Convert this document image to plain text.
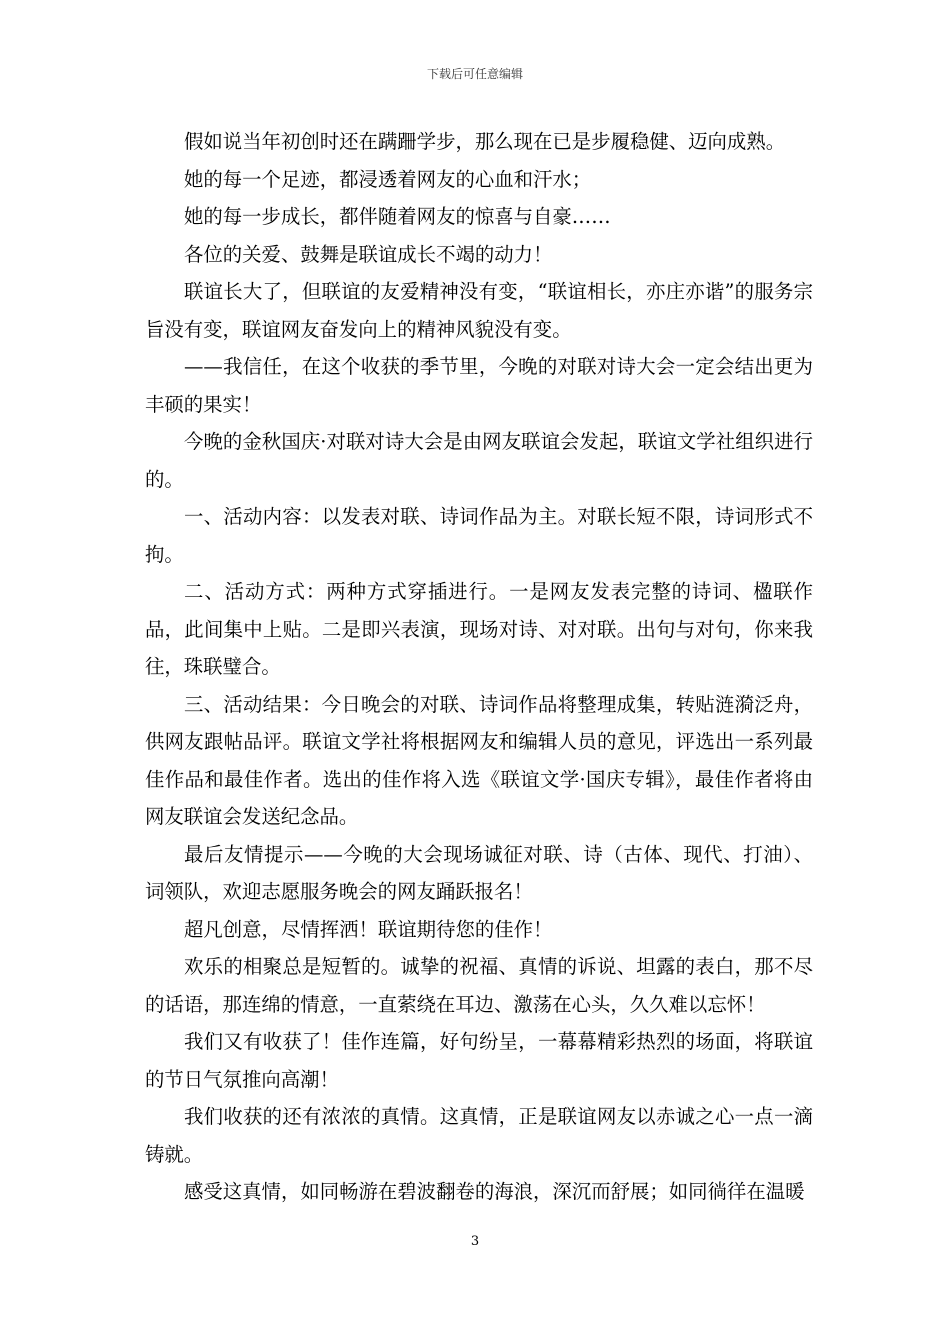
下载后可任意编辑

假如说当年初创时还在蹒跚学步，那么现在已是步履稳健、迈向成熟。

她的每一个足迹，都浸透着网友的心血和汗水；

她的每一步成长，都伴随着网友的惊喜与自豪……

各位的关爱、鼓舞是联谊成长不竭的动力！

联谊长大了，但联谊的友爱精神没有变，“联谊相长，亦庄亦谐”的服务宗旨没有变，联谊网友奋发向上的精神风貌没有变。

——我信任，在这个收获的季节里，今晚的对联对诗大会一定会结出更为丰硕的果实！

今晚的金秋国庆·对联对诗大会是由网友联谊会发起，联谊文学社组织进行的。

一、活动内容：以发表对联、诗词作品为主。对联长短不限，诗词形式不拘。

二、活动方式：两种方式穿插进行。一是网友发表完整的诗词、楹联作品，此间集中上贴。二是即兴表演，现场对诗、对对联。出句与对句，你来我往，珠联璧合。

三、活动结果：今日晚会的对联、诗词作品将整理成集，转贴涟漪泛舟，供网友跟帖品评。联谊文学社将根据网友和编辑人员的意见，评选出一系列最佳作品和最佳作者。选出的佳作将入选《联谊文学·国庆专辑》，最佳作者将由网友联谊会发送纪念品。

最后友情提示——今晚的大会现场诚征对联、诗（古体、现代、打油）、词领队，欢迎志愿服务晚会的网友踊跃报名！

超凡创意，尽情挥洒！联谊期待您的佳作！

欢乐的相聚总是短暂的。诚挚的祝福、真情的诉说、坦露的表白，那不尽的话语，那连绵的情意，一直萦绕在耳边、激荡在心头，久久难以忘怀！

我们又有收获了！佳作连篇，好句纷呈，一幕幕精彩热烈的场面，将联谊的节日气氛推向高潮！

我们收获的还有浓浓的真情。这真情，正是联谊网友以赤诚之心一点一滴铸就。

感受这真情，如同畅游在碧波翻卷的海浪，深沉而舒展；如同徜徉在温暖

3
